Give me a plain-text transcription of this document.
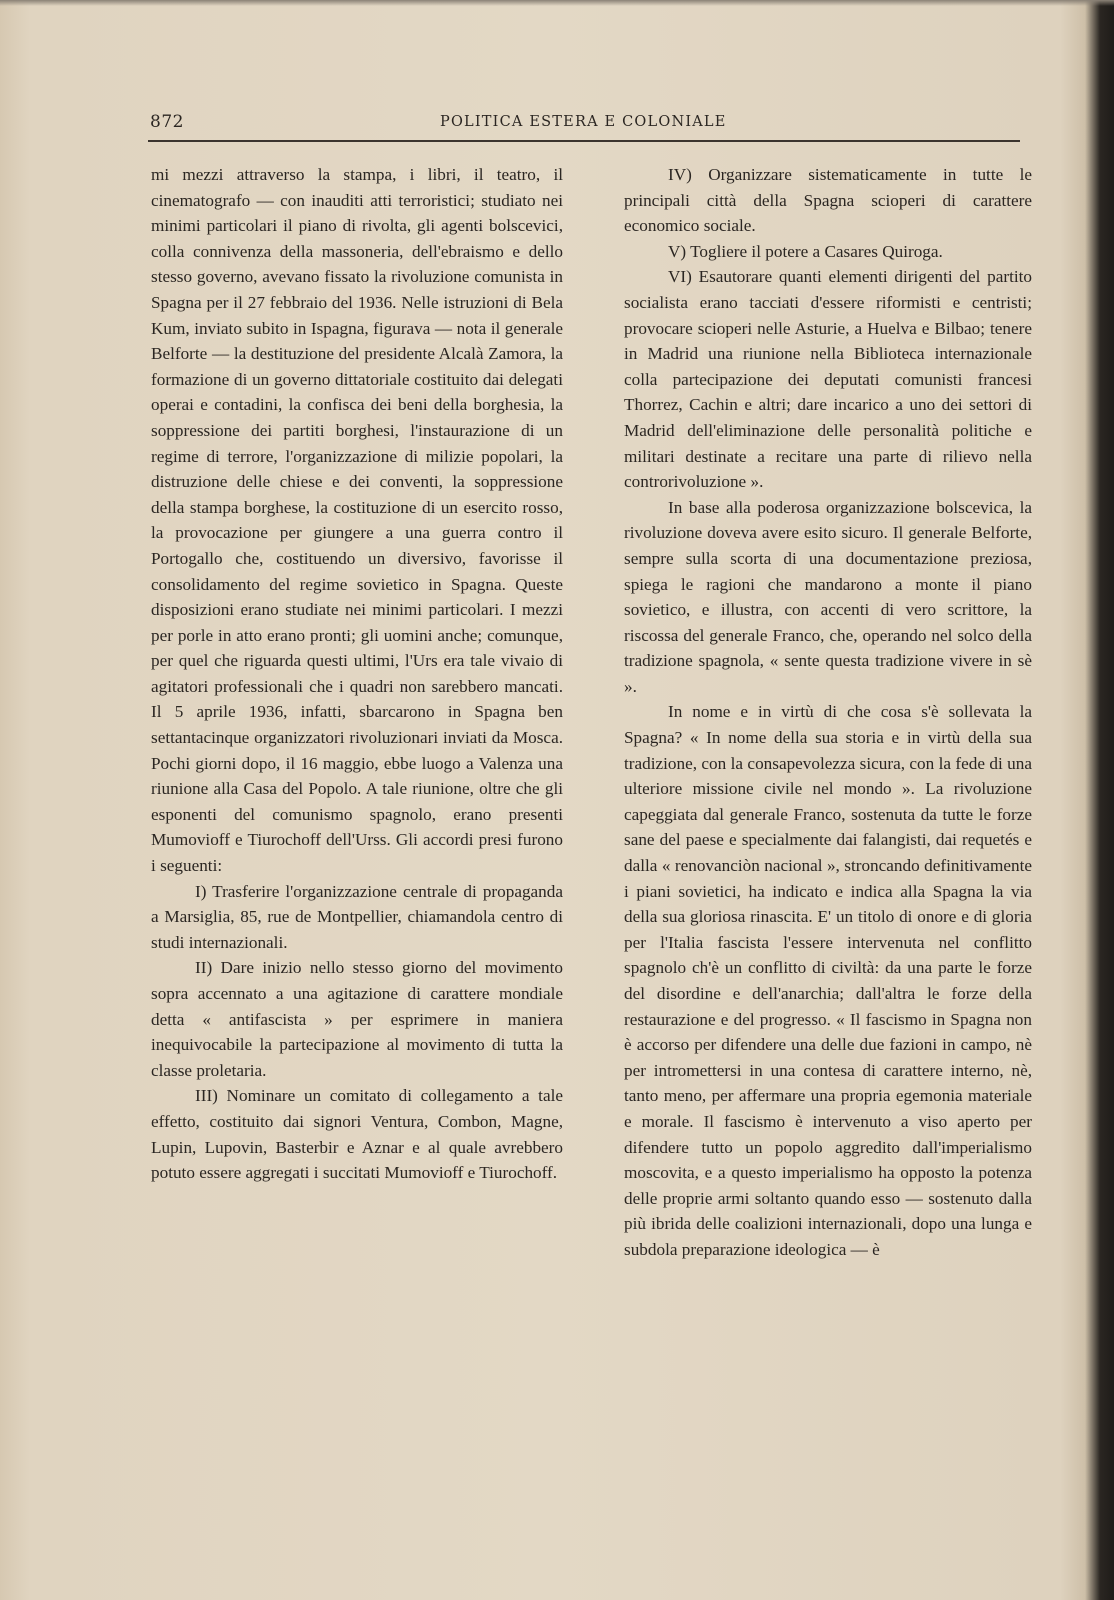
872	POLITICA ESTERA E COLONIALE

mi mezzi attraverso la stampa, i libri, il teatro, il cinematografo — con inauditi atti terroristici; studiato nei minimi particolari il piano di rivolta, gli agenti bolscevici, colla connivenza della massoneria, dell'ebraismo e dello stesso governo, avevano fissato la rivoluzione comunista in Spagna per il 27 febbraio del 1936. Nelle istruzioni di Bela Kum, inviato subito in Ispagna, figurava — nota il generale Belforte — la destituzione del presidente Alcalà Zamora, la formazione di un governo dittatoriale costituito dai delegati operai e contadini, la confisca dei beni della borghesia, la soppressione dei partiti borghesi, l'instaurazione di un regime di terrore, l'organizzazione di milizie popolari, la distruzione delle chiese e dei conventi, la soppressione della stampa borghese, la costituzione di un esercito rosso, la provocazione per giungere a una guerra contro il Portogallo che, costituendo un diversivo, favorisse il consolidamento del regime sovietico in Spagna. Queste disposizioni erano studiate nei minimi particolari. I mezzi per porle in atto erano pronti; gli uomini anche; comunque, per quel che riguarda questi ultimi, l'Urs era tale vivaio di agitatori professionali che i quadri non sarebbero mancati. Il 5 aprile 1936, infatti, sbarcarono in Spagna ben settantacinque organizzatori rivoluzionari inviati da Mosca. Pochi giorni dopo, il 16 maggio, ebbe luogo a Valenza una riunione alla Casa del Popolo. A tale riunione, oltre che gli esponenti del comunismo spagnolo, erano presenti Mumovioff e Tiurochoff dell'Urss. Gli accordi presi furono i seguenti:

I) Trasferire l'organizzazione centrale di propaganda a Marsiglia, 85, rue de Montpellier, chiamandola centro di studi internazionali.

II) Dare inizio nello stesso giorno del movimento sopra accennato a una agitazione di carattere mondiale detta « antifascista » per esprimere in maniera inequivocabile la partecipazione al movimento di tutta la classe proletaria.

III) Nominare un comitato di collegamento a tale effetto, costituito dai signori Ventura, Combon, Magne, Lupin, Lupovin, Basterbir e Aznar e al quale avrebbero potuto essere aggregati i succitati Mumovioff e Tiurochoff.

IV) Organizzare sistematicamente in tutte le principali città della Spagna scioperi di carattere economico sociale.

V) Togliere il potere a Casares Quiroga.

VI) Esautorare quanti elementi dirigenti del partito socialista erano tacciati d'essere riformisti e centristi; provocare scioperi nelle Asturie, a Huelva e Bilbao; tenere in Madrid una riunione nella Biblioteca internazionale colla partecipazione dei deputati comunisti francesi Thorrez, Cachin e altri; dare incarico a uno dei settori di Madrid dell'eliminazione delle personalità politiche e militari destinate a recitare una parte di rilievo nella controrivoluzione ».

In base alla poderosa organizzazione bolscevica, la rivoluzione doveva avere esito sicuro. Il generale Belforte, sempre sulla scorta di una documentazione preziosa, spiega le ragioni che mandarono a monte il piano sovietico, e illustra, con accenti di vero scrittore, la riscossa del generale Franco, che, operando nel solco della tradizione spagnola, « sente questa tradizione vivere in sè ».

In nome e in virtù di che cosa s'è sollevata la Spagna? « In nome della sua storia e in virtù della sua tradizione, con la consapevolezza sicura, con la fede di una ulteriore missione civile nel mondo ». La rivoluzione capeggiata dal generale Franco, sostenuta da tutte le forze sane del paese e specialmente dai falangisti, dai requetés e dalla « renovanciòn nacional », stroncando definitivamente i piani sovietici, ha indicato e indica alla Spagna la via della sua gloriosa rinascita. E' un titolo di onore e di gloria per l'Italia fascista l'essere intervenuta nel conflitto spagnolo ch'è un conflitto di civiltà: da una parte le forze del disordine e dell'anarchia; dall'altra le forze della restaurazione e del progresso. « Il fascismo in Spagna non è accorso per difendere una delle due fazioni in campo, nè per intromettersi in una contesa di carattere interno, nè, tanto meno, per affermare una propria egemonia materiale e morale. Il fascismo è intervenuto a viso aperto per difendere tutto un popolo aggredito dall'imperialismo moscovita, e a questo imperialismo ha opposto la potenza delle proprie armi soltanto quando esso — sostenuto dalla più ibrida delle coalizioni internazionali, dopo una lunga e subdola preparazione ideologica — è
